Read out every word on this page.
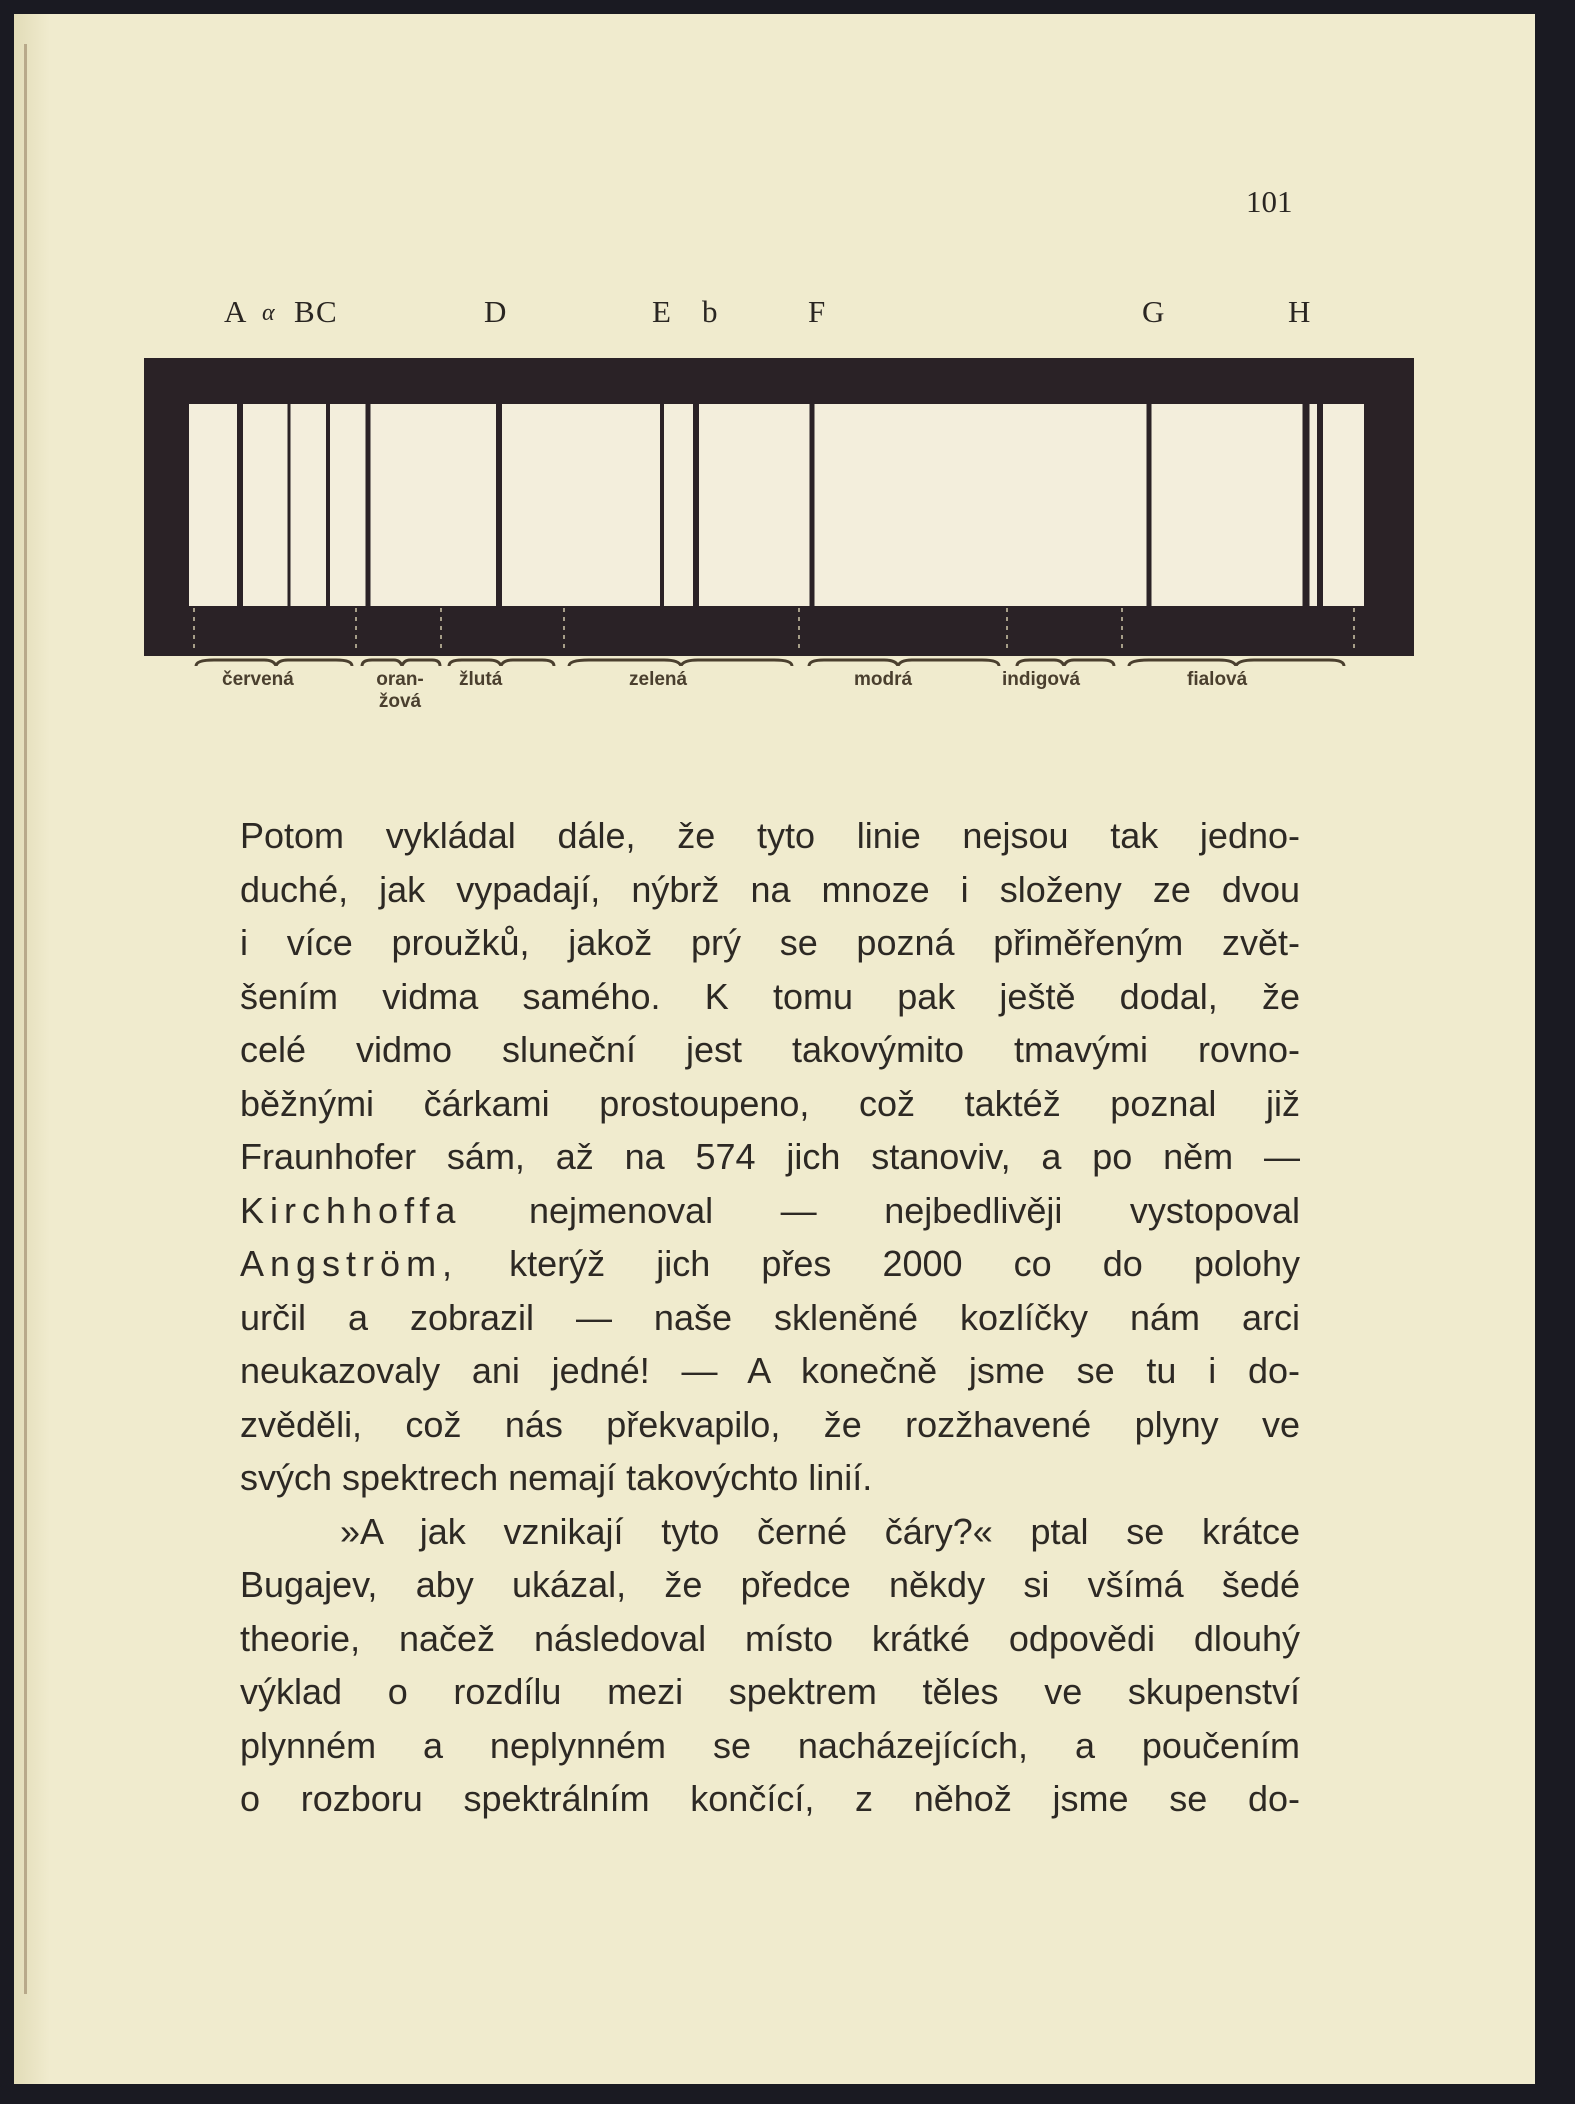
101
A α B C	D	E b	F	G	H
červená	oran-
žová
žlutá	zelená	modrá	indigová	fialová
Potom vykládal dále, že tyto linie nejsou tak jedno-
duché, jak vypadají, nýbrž na mnoze i složeny ze dvou
i více proužků, jakož prý se pozná přiměřeným zvět-
šením vidma samého. K tomu pak ještě dodal, že
celé vidmo sluneční jest takovýmito tmavými rovno-
běžnými čárkami prostoupeno, což taktéž poznal již
Fraunhofer sám, až na 574 jich stanoviv, a po něm —
Kirchhoffa nejmenoval — nejbedlivěji vystopoval
Angström, kterýž jich přes 2000 co do polohy
určil a zobrazil — naše skleněné kozlíčky nám arci
neukazovaly ani jedné! — A konečně jsme se tu i do-
zvěděli, což nás překvapilo, že rozžhavené plyny ve
svých spektrech nemají takovýchto linií.
»A jak vznikají tyto černé čáry?« ptal se krátce
Bugajev, aby ukázal, že předce někdy si všímá šedé
theorie, načež následoval místo krátké odpovědi dlouhý
výklad o rozdílu mezi spektrem těles ve skupenství
plynném a neplynném se nacházejících, a poučením
o rozboru spektrálním končící, z něhož jsme se do-
